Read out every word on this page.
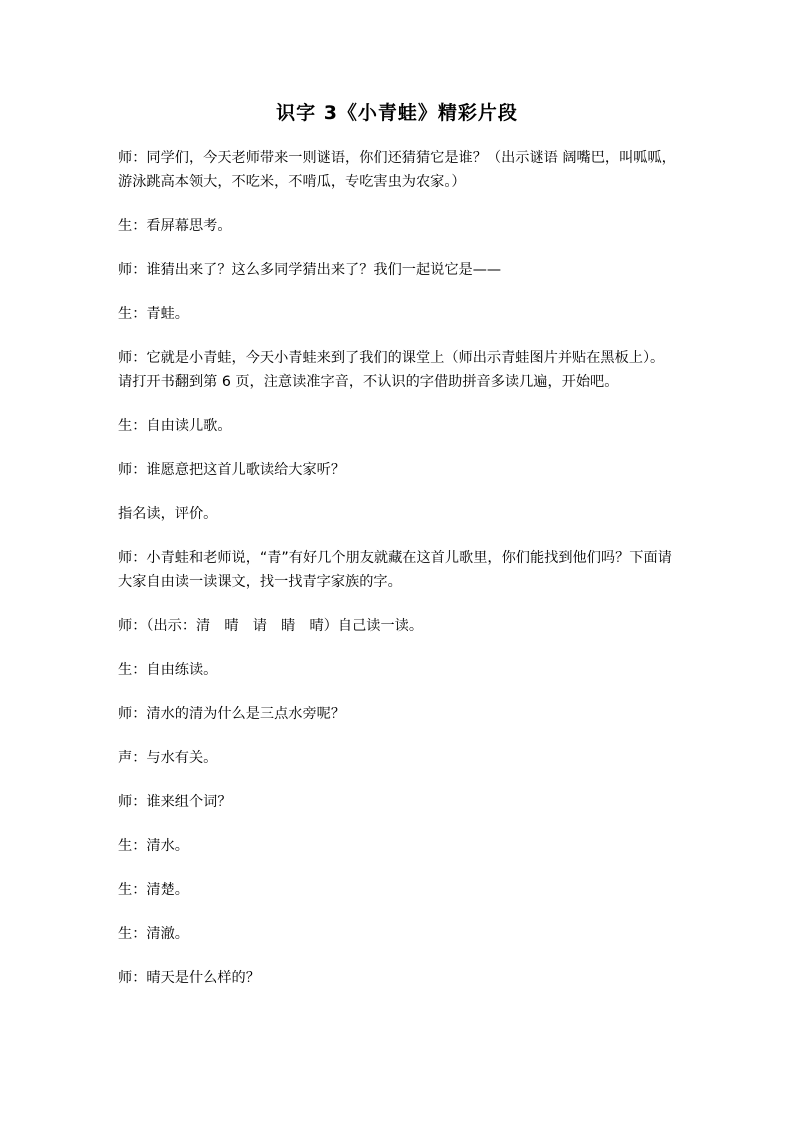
识字 3《小青蛙》精彩片段

师：同学们，今天老师带来一则谜语，你们还猜猜它是谁？（出示谜语 阔嘴巴，叫呱呱，游泳跳高本领大，不吃米，不啃瓜，专吃害虫为农家。）

生：看屏幕思考。

师：谁猜出来了？这么多同学猜出来了？我们一起说它是——

生：青蛙。

师：它就是小青蛙，今天小青蛙来到了我们的课堂上（师出示青蛙图片并贴在黑板上）。请打开书翻到第 6 页，注意读准字音，不认识的字借助拼音多读几遍，开始吧。

生：自由读儿歌。

师：谁愿意把这首儿歌读给大家听？

指名读，评价。

师：小青蛙和老师说，“青”有好几个朋友就藏在这首儿歌里，你们能找到他们吗？下面请大家自由读一读课文，找一找青字家族的字。

师：（出示：清　晴　请　睛　晴）自己读一读。

生：自由练读。

师：清水的清为什么是三点水旁呢？

声：与水有关。

师：谁来组个词？

生：清水。

生：清楚。

生：清澈。

师：晴天是什么样的？
